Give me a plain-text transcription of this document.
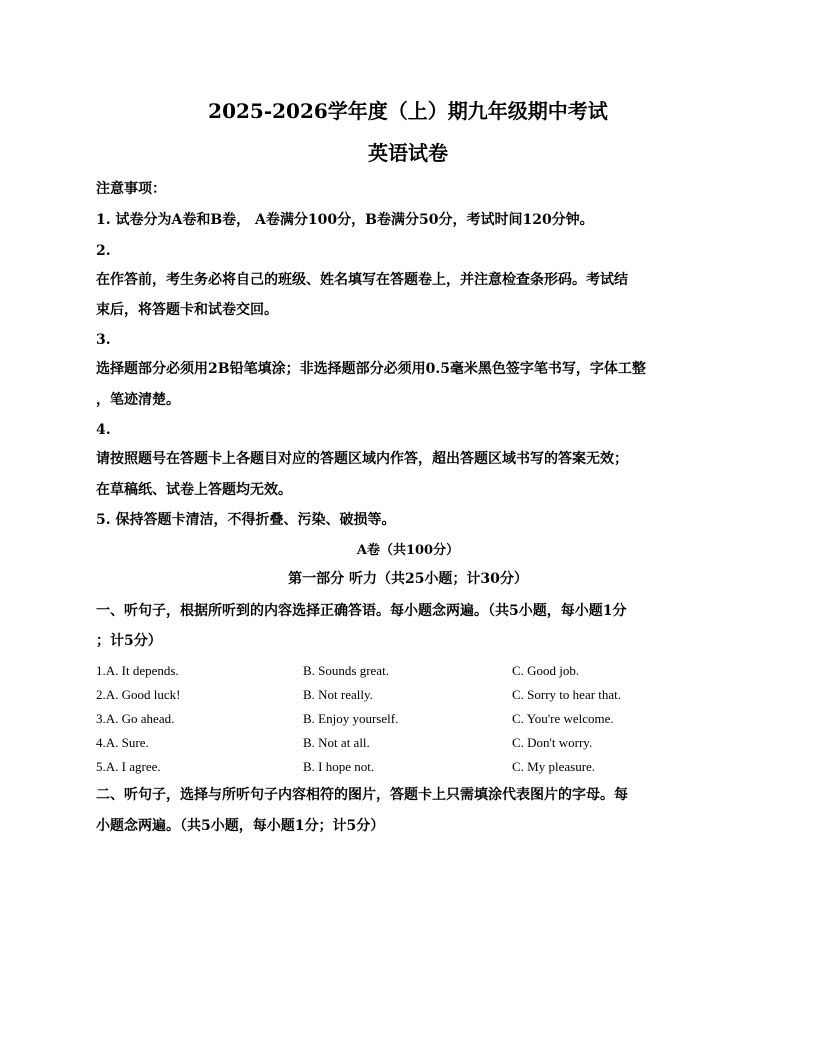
2025-2026学年度（上）期九年级期中考试
英语试卷
注意事项：
1. 试卷分为A卷和B卷， A卷满分100分，B卷满分50分，考试时间120分钟。
2.
在作答前，考生务必将自己的班级、姓名填写在答题卷上，并注意检查条形码。考试结
束后，将答题卡和试卷交回。
3.
选择题部分必须用2B铅笔填涂；非选择题部分必须用0.5毫米黑色签字笔书写，字体工整
，笔迹清楚。
4.
请按照题号在答题卡上各题目对应的答题区域内作答，超出答题区域书写的答案无效；
在草稿纸、试卷上答题均无效。
5. 保持答题卡清洁，不得折叠、污染、破损等。
A卷（共100分）
第一部分 听力（共25小题；计30分）
一、听句子，根据所听到的内容选择正确答语。每小题念两遍。（共5小题，每小题1分
；计5分）
1.A. It depends.	B. Sounds great.	C. Good job.
2.A. Good luck!	B. Not really.	C. Sorry to hear that.
3.A. Go ahead.	B. Enjoy yourself.	C. You're welcome.
4.A. Sure.	B. Not at all.	C. Don't worry.
5.A. I agree.	B. I hope not.	C. My pleasure.
二、听句子，选择与所听句子内容相符的图片，答题卡上只需填涂代表图片的字母。每
小题念两遍。（共5小题，每小题1分；计5分）
